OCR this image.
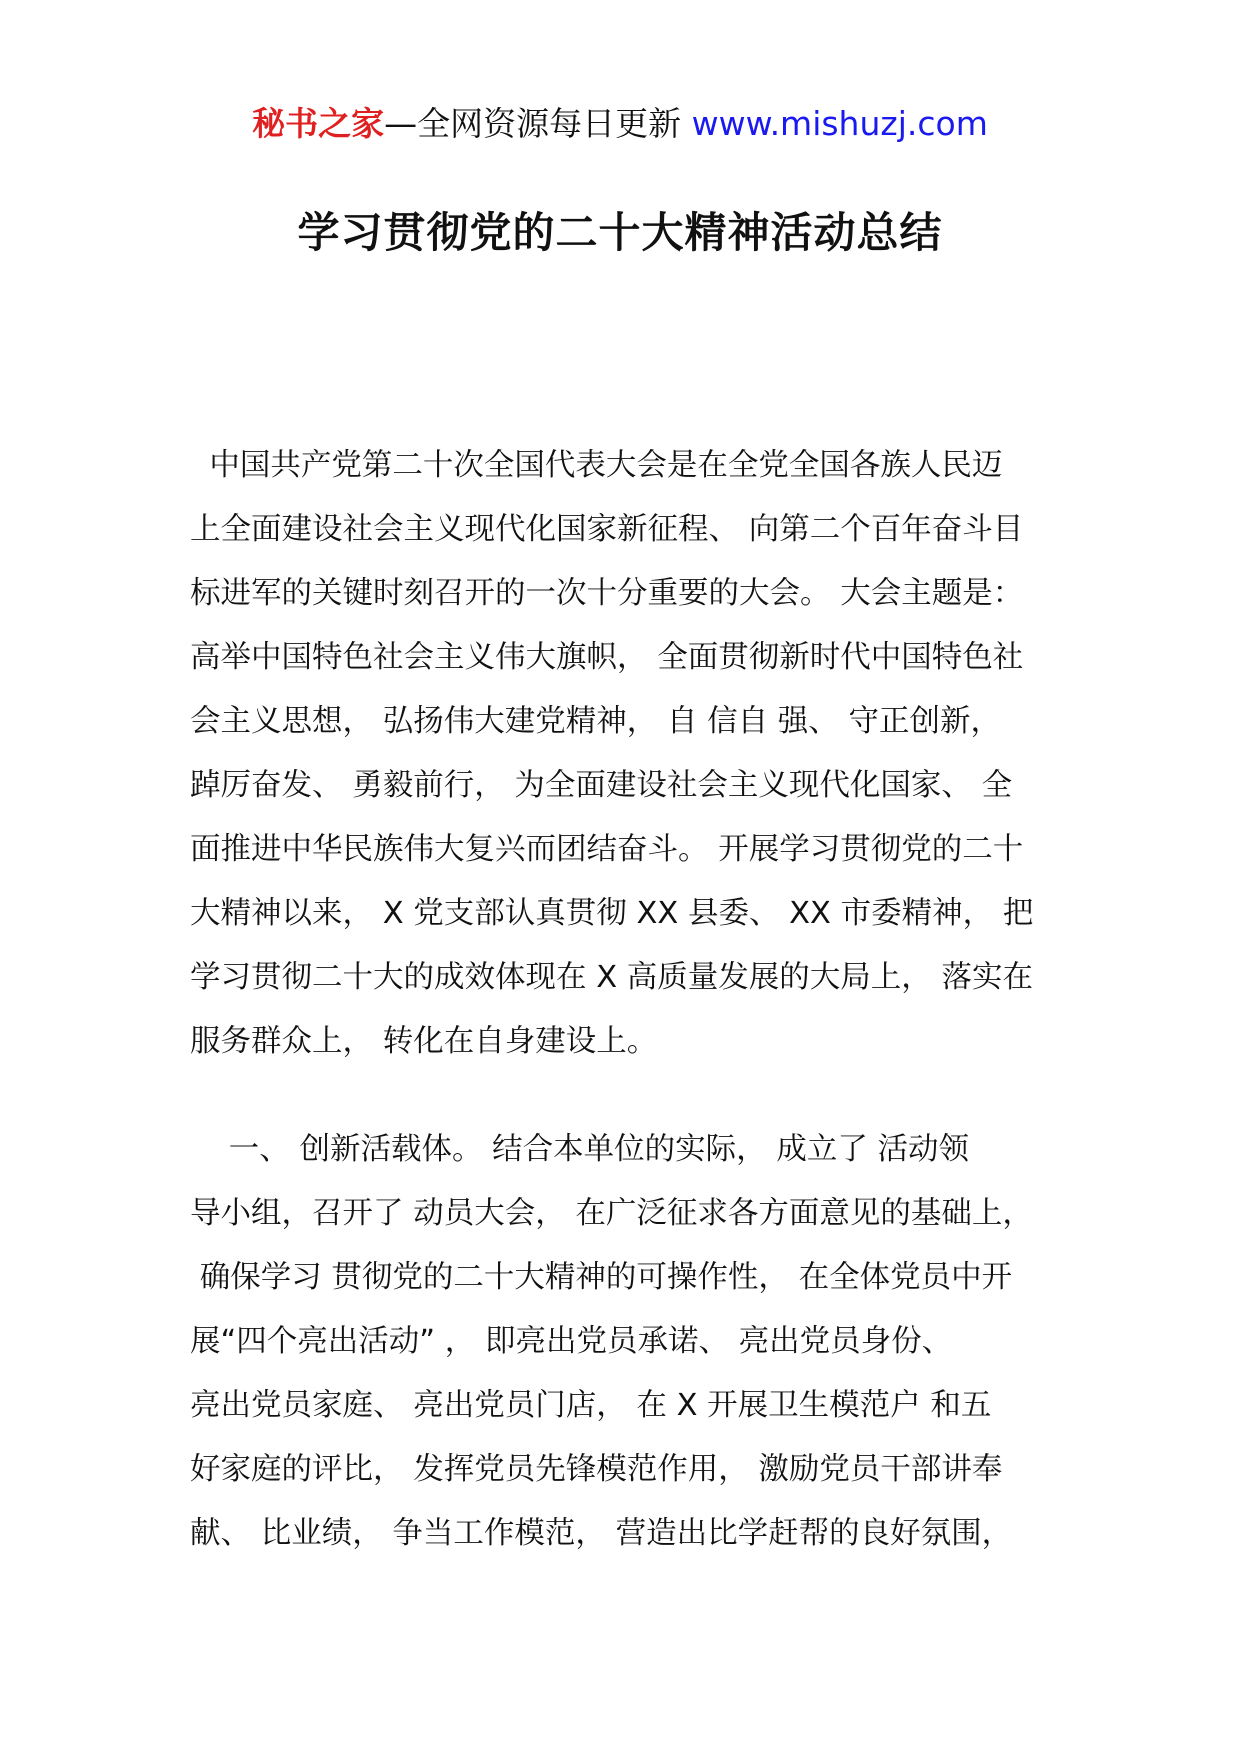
秘书之家—全网资源每日更新 www.mishuzj.com
学习贯彻党的二十大精神活动总结
中国共产党第二十次全国代表大会是在全党全国各族人民迈
上全面建设社会主义现代化国家新征程、 向第二个百年奋斗目
标进军的关键时刻召开的一次十分重要的大会。 大会主题是：
高举中国特色社会主义伟大旗帜， 全面贯彻新时代中国特色社
会主义思想， 弘扬伟大建党精神， 自 信自 强、 守正创新，
踔厉奋发、 勇毅前行， 为全面建设社会主义现代化国家、 全
面推进中华民族伟大复兴而团结奋斗。 开展学习贯彻党的二十
大精神以来， X 党支部认真贯彻 XX 县委、 XX 市委精神， 把
学习贯彻二十大的成效体现在 X 高质量发展的大局上， 落实在
服务群众上， 转化在自身建设上。
一、 创新活载体。 结合本单位的实际， 成立了 活动领
导小组，召开了 动员大会， 在广泛征求各方面意见的基础上，
确保学习 贯彻党的二十大精神的可操作性， 在全体党员中开
展“四个亮出活动” ， 即亮出党员承诺、 亮出党员身份、
亮出党员家庭、 亮出党员门店， 在 X 开展卫生模范户 和五
好家庭的评比， 发挥党员先锋模范作用， 激励党员干部讲奉
献、 比业绩， 争当工作模范， 营造出比学赶帮的良好氛围，
